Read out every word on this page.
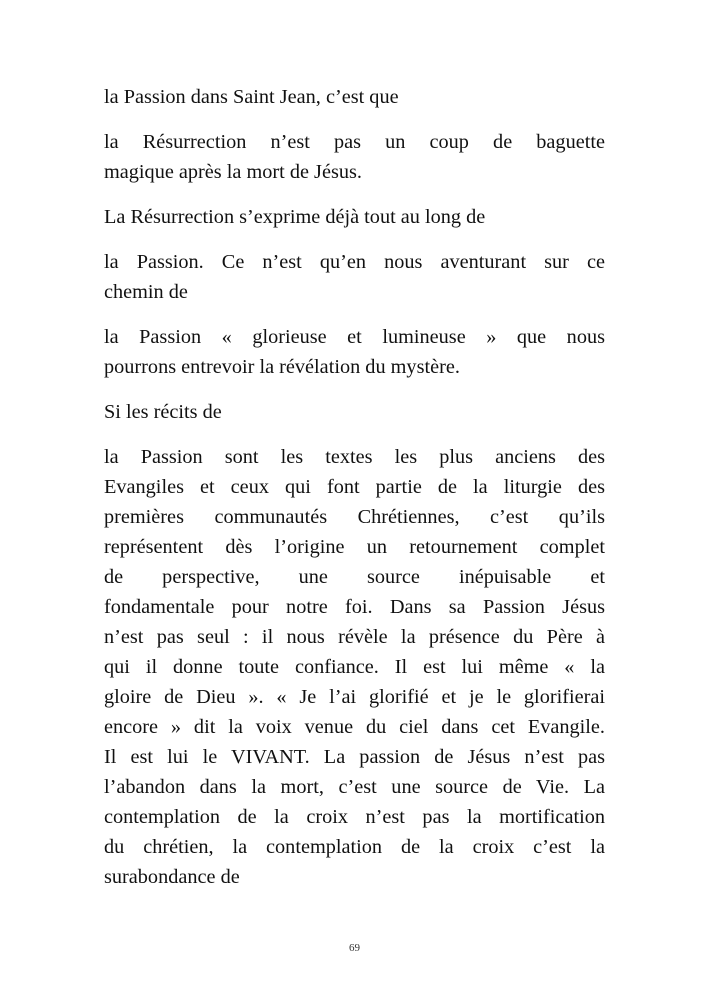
la Passion dans Saint Jean, c’est que

la Résurrection n’est pas un coup de baguette
magique après la mort de Jésus.

La Résurrection s’exprime déjà tout au long de

la Passion. Ce n’est qu’en nous aventurant sur ce
chemin de

la Passion « glorieuse et lumineuse » que nous
pourrons entrevoir la révélation du mystère.

Si les récits de

la Passion sont les textes les plus anciens des
Evangiles et ceux qui font partie de la liturgie des
premières communautés Chrétiennes, c’est qu’ils
représentent dès l’origine un retournement complet
de perspective, une source inépuisable et
fondamentale pour notre foi. Dans sa Passion Jésus
n’est pas seul : il nous révèle la présence du Père à
qui il donne toute confiance. Il est lui même « la
gloire de Dieu ». « Je l’ai glorifié et je le glorifierai
encore » dit la voix venue du ciel dans cet Evangile.
Il est lui le VIVANT. La passion de Jésus n’est pas
l’abandon dans la mort, c’est une source de Vie. La
contemplation de la croix n’est pas la mortification
du chrétien, la contemplation de la croix c’est la
surabondance de

69
